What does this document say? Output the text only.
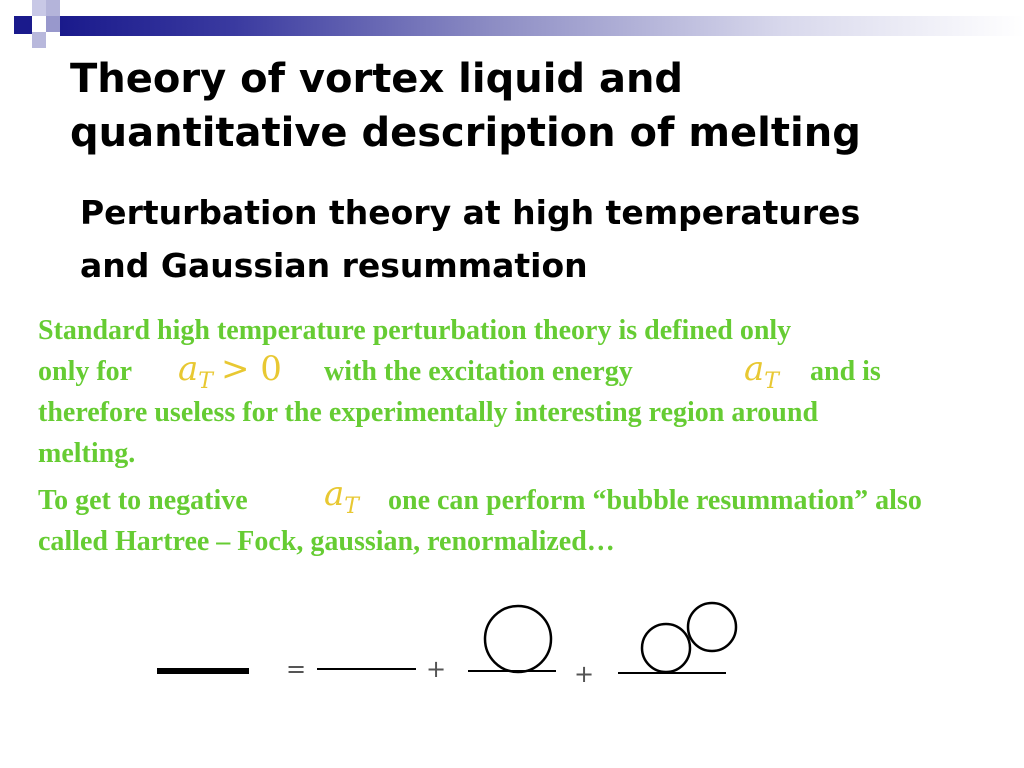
Theory of vortex liquid and
quantitative description of melting
Perturbation theory at high temperatures
and Gaussian resummation
Standard high temperature perturbation theory is defined only
only for $a_T > 0$ with the excitation energy	$a_T$ and is
therefore useless for the experimentally interesting region around
melting.
To get to negative $a_T$ one can perform “bubble resummation” also
called Hartree – Fock, gaussian, renormalized…
=	+	+
